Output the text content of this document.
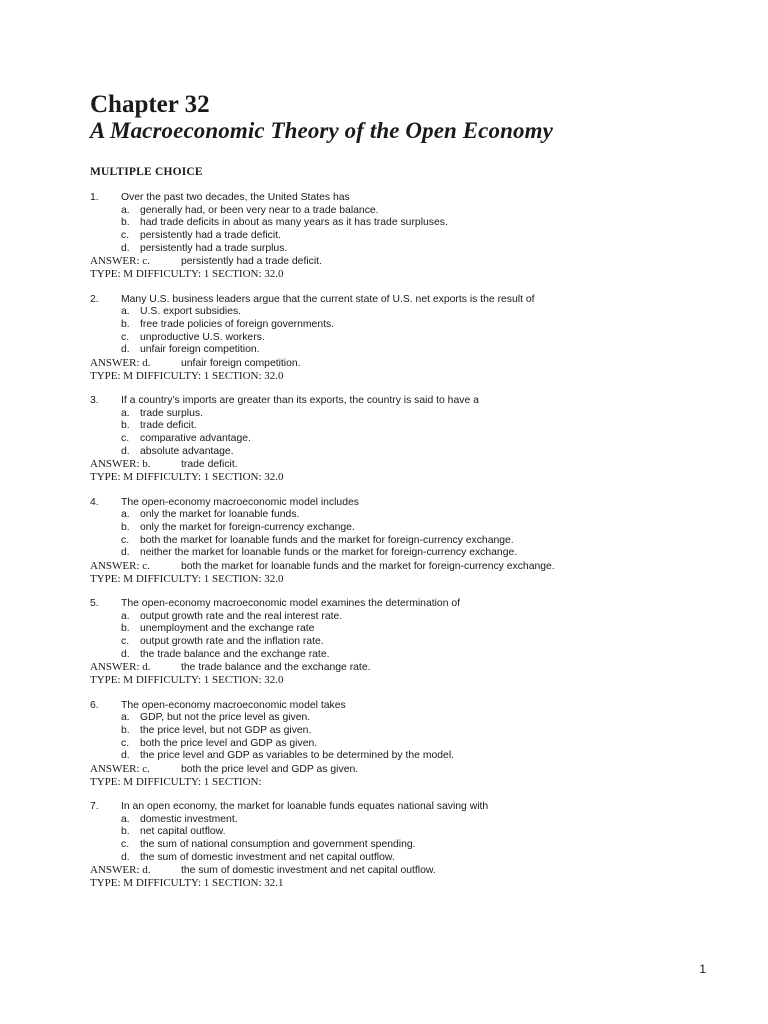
Chapter 32
A Macroeconomic Theory of the Open Economy
MULTIPLE CHOICE
1. Over the past two decades, the United States has
a. generally had, or been very near to a trade balance.
b. had trade deficits in about as many years as it has trade surpluses.
c. persistently had a trade deficit.
d. persistently had a trade surplus.
ANSWER: c.	persistently had a trade deficit.
TYPE: M DIFFICULTY: 1 SECTION: 32.0
2. Many U.S. business leaders argue that the current state of U.S. net exports is the result of
a. U.S. export subsidies.
b. free trade policies of foreign governments.
c. unproductive U.S. workers.
d. unfair foreign competition.
ANSWER: d.	unfair foreign competition.
TYPE: M DIFFICULTY: 1 SECTION: 32.0
3. If a country’s imports are greater than its exports, the country is said to have a
a. trade surplus.
b. trade deficit.
c. comparative advantage.
d. absolute advantage.
ANSWER: b.	trade deficit.
TYPE: M DIFFICULTY: 1 SECTION: 32.0
4. The open-economy macroeconomic model includes
a. only the market for loanable funds.
b. only the market for foreign-currency exchange.
c. both the market for loanable funds and the market for foreign-currency exchange.
d. neither the market for loanable funds or the market for foreign-currency exchange.
ANSWER: c.	both the market for loanable funds and the market for foreign-currency exchange.
TYPE: M DIFFICULTY: 1 SECTION: 32.0
5. The open-economy macroeconomic model examines the determination of
a. output growth rate and the real interest rate.
b. unemployment and the exchange rate
c. output growth rate and the inflation rate.
d. the trade balance and the exchange rate.
ANSWER: d.	the trade balance and the exchange rate.
TYPE: M DIFFICULTY: 1 SECTION: 32.0
6. The open-economy macroeconomic model takes
a. GDP, but not the price level as given.
b. the price level, but not GDP as given.
c. both the price level and GDP as given.
d. the price level and GDP as variables to be determined by the model.
ANSWER: c.	both the price level and GDP as given.
TYPE: M DIFFICULTY: 1 SECTION:
7. In an open economy, the market for loanable funds equates national saving with
a. domestic investment.
b. net capital outflow.
c. the sum of national consumption and government spending.
d. the sum of domestic investment and net capital outflow.
ANSWER: d.	the sum of domestic investment and net capital outflow.
TYPE: M DIFFICULTY: 1 SECTION: 32.1
1
